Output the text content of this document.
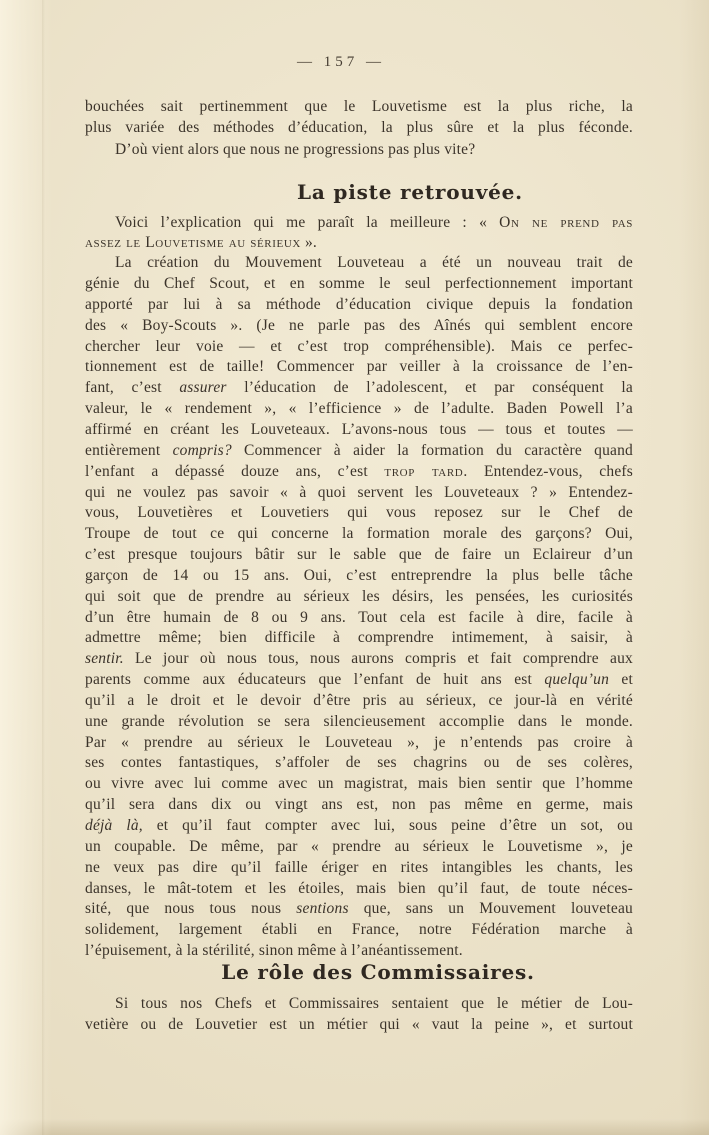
— 157 —
bouchées sait pertinemment que le Louvetisme est la plus riche, la
plus variée des méthodes d’éducation, la plus sûre et la plus féconde.
D’où vient alors que nous ne progressions pas plus vite?
La piste retrouvée.
Voici l’explication qui me paraît la meilleure : « On ne prend pas
assez le Louvetisme au sérieux ».
La création du Mouvement Louveteau a été un nouveau trait de
génie du Chef Scout, et en somme le seul perfectionnement important
apporté par lui à sa méthode d’éducation civique depuis la fondation
des « Boy-Scouts ». (Je ne parle pas des Aînés qui semblent encore
chercher leur voie — et c’est trop compréhensible). Mais ce perfec-
tionnement est de taille! Commencer par veiller à la croissance de l’en-
fant, c’est assurer l’éducation de l’adolescent, et par conséquent la
valeur, le « rendement », « l’efficience » de l’adulte. Baden Powell l’a
affirmé en créant les Louveteaux. L’avons-nous tous — tous et toutes —
entièrement compris? Commencer à aider la formation du caractère quand
l’enfant a dépassé douze ans, c’est trop tard. Entendez-vous, chefs
qui ne voulez pas savoir « à quoi servent les Louveteaux ? » Entendez-
vous, Louvetières et Louvetiers qui vous reposez sur le Chef de
Troupe de tout ce qui concerne la formation morale des garçons? Oui,
c’est presque toujours bâtir sur le sable que de faire un Eclaireur d’un
garçon de 14 ou 15 ans. Oui, c’est entreprendre la plus belle tâche
qui soit que de prendre au sérieux les désirs, les pensées, les curiosités
d’un être humain de 8 ou 9 ans. Tout cela est facile à dire, facile à
admettre même; bien difficile à comprendre intimement, à saisir, à
sentir. Le jour où nous tous, nous aurons compris et fait comprendre aux
parents comme aux éducateurs que l’enfant de huit ans est quelqu’un et
qu’il a le droit et le devoir d’être pris au sérieux, ce jour-là en vérité
une grande révolution se sera silencieusement accomplie dans le monde.
Par « prendre au sérieux le Louveteau », je n’entends pas croire à
ses contes fantastiques, s’affoler de ses chagrins ou de ses colères,
ou vivre avec lui comme avec un magistrat, mais bien sentir que l’homme
qu’il sera dans dix ou vingt ans est, non pas même en germe, mais
déjà là, et qu’il faut compter avec lui, sous peine d’être un sot, ou
un coupable. De même, par « prendre au sérieux le Louvetisme », je
ne veux pas dire qu’il faille ériger en rites intangibles les chants, les
danses, le mât-totem et les étoiles, mais bien qu’il faut, de toute néces-
sité, que nous tous nous sentions que, sans un Mouvement louveteau
solidement, largement établi en France, notre Fédération marche à
l’épuisement, à la stérilité, sinon même à l’anéantissement.
Le rôle des Commissaires.
Si tous nos Chefs et Commissaires sentaient que le métier de Lou-
vetière ou de Louvetier est un métier qui « vaut la peine », et surtout
